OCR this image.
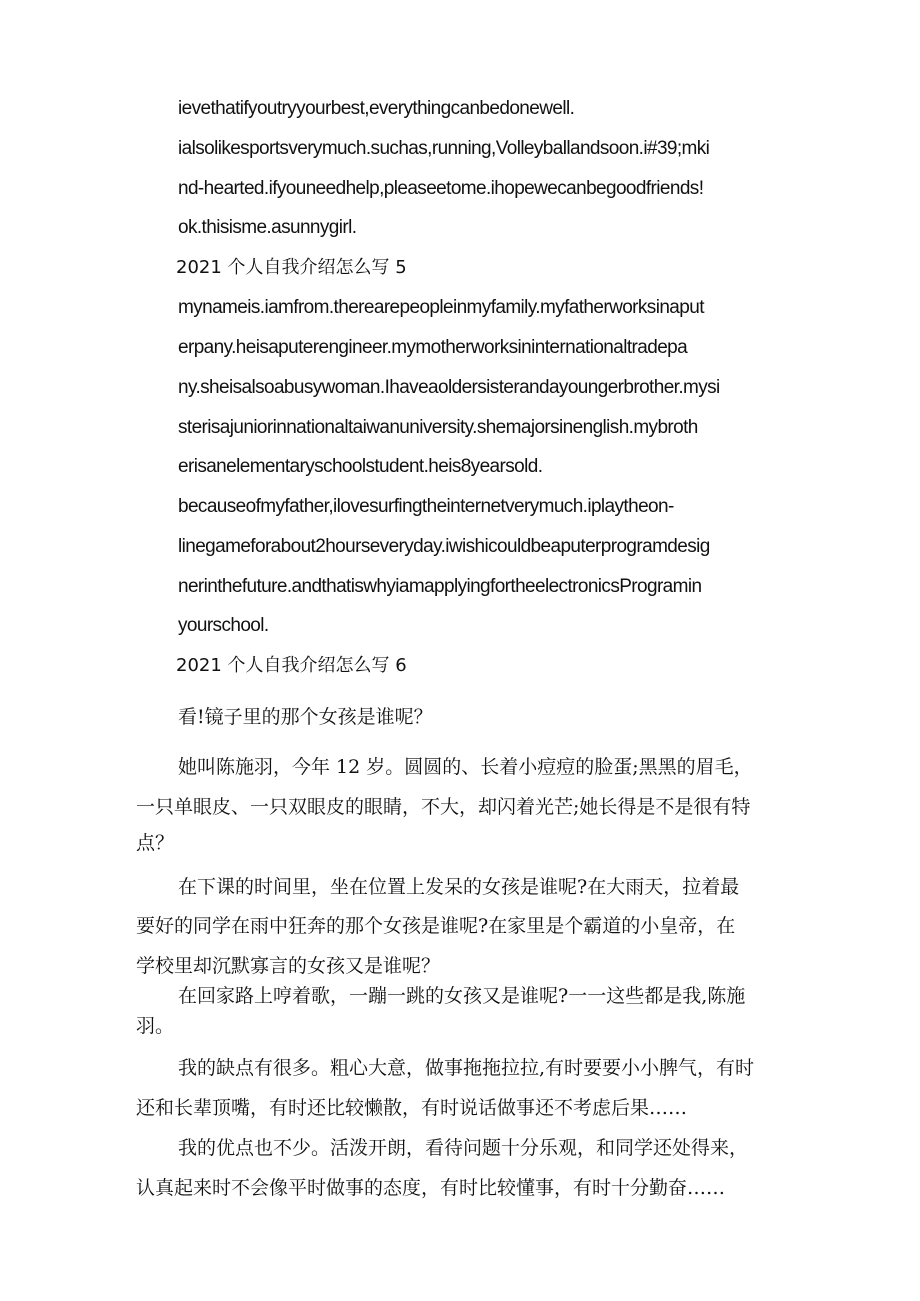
ievethatifyoutryyourbest,everythingcanbedonewell.
ialsolikesportsverymuch.suchas,running,Volleyballandsoon.i#39;mki
nd-hearted.ifyouneedhelp,pleaseetome.ihopewecanbegoodfriends!
ok.thisisme.asunnygirl.
2021 个人自我介绍怎么写 5
mynameis.iamfrom.therearepeopleinmyfamily.myfatherworksinaput
erpany.heisaputerengineer.mymotherworksininternationaltradepa
ny.sheisalsoabusywoman.Ihaveaoldersisterandayoungerbrother.mysi
sterisajuniorinnationaltaiwanuniversity.shemajorsinenglish.mybroth
erisanelementaryschoolstudent.heis8yearsold.
becauseofmyfather,ilovesurfingtheinternetverymuch.iplaytheon-
linegameforabout2hourseveryday.iwishicouldbeaputerprogramdesig
nerinthefuture.andthatiswhyiamapplyingfortheelectronicsProgramin
yourschool.
2021 个人自我介绍怎么写 6
看!镜子里的那个女孩是谁呢？
她叫陈施羽，今年 12 岁。圆圆的、长着小痘痘的脸蛋;黑黑的眉毛，
一只单眼皮、一只双眼皮的眼睛，不大，却闪着光芒;她长得是不是很有特
点？
在下课的时间里，坐在位置上发呆的女孩是谁呢?在大雨天，拉着最
要好的同学在雨中狂奔的那个女孩是谁呢?在家里是个霸道的小皇帝，在
学校里却沉默寡言的女孩又是谁呢？
在回家路上哼着歌，一蹦一跳的女孩又是谁呢?一一这些都是我,陈施
羽。
我的缺点有很多。粗心大意，做事拖拖拉拉,有时要要小小脾气，有时
还和长辈顶嘴，有时还比较懒散，有时说话做事还不考虑后果……
我的优点也不少。活泼开朗，看待问题十分乐观，和同学还处得来，
认真起来时不会像平时做事的态度，有时比较懂事，有时十分勤奋……
